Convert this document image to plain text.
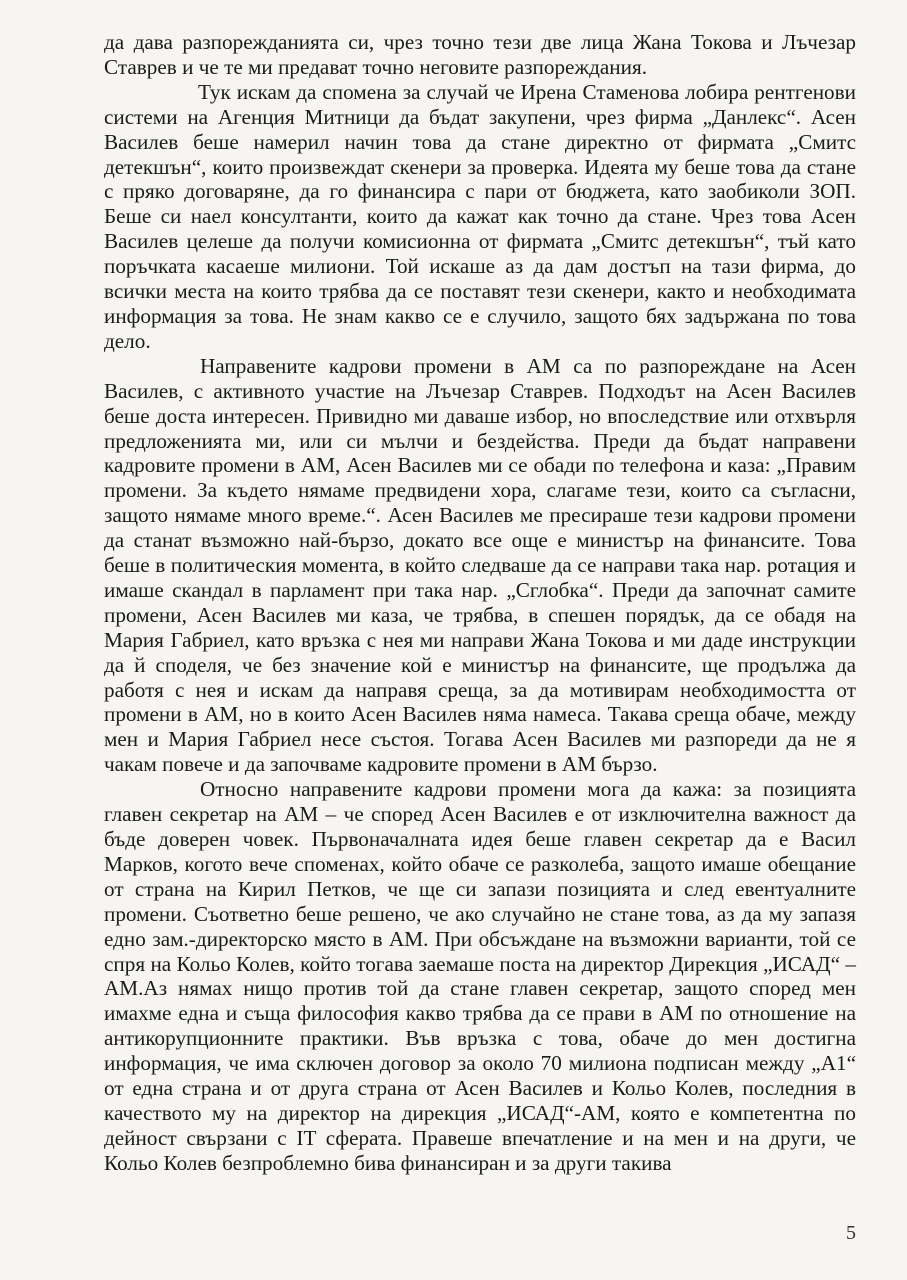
да дава разпорежданията си, чрез точно тези две лица Жана Токова и Лъчезар Ставрев и че те ми предават точно неговите разпореждания.

Тук искам да спомена за случай че Ирена Стаменова лобира рентгенови системи на Агенция Митници да бъдат закупени, чрез фирма „Данлекс“. Асен Василев беше намерил начин това да стане директно от фирмата „Смитс детекшън“, които произвеждат скенери за проверка. Идеята му беше това да стане с пряко договаряне, да го финансира с пари от бюджета, като заобиколи ЗОП. Беше си наел консултанти, които да кажат как точно да стане. Чрез това Асен Василев целеше да получи комисионна от фирмата „Смитс детекшън“, тъй като поръчката касаеше милиони. Той искаше аз да дам достъп на тази фирма, до всички места на които трябва да се поставят тези скенери, както и необходимата информация за това. Не знам какво се е случило, защото бях задържана по това дело.

Направените кадрови промени в АМ са по разпореждане на Асен Василев, с активното участие на Лъчезар Ставрев. Подходът на Асен Василев беше доста интересен. Привидно ми даваше избор, но впоследствие или отхвърля предложенията ми, или си мълчи и бездейства. Преди да бъдат направени кадровите промени в АМ, Асен Василев ми се обади по телефона и каза: „Правим промени. За където нямаме предвидени хора, слагаме тези, които са съгласни, защото нямаме много време.“. Асен Василев ме пресираше тези кадрови промени да станат възможно най-бързо, докато все още е министър на финансите. Това беше в политическия момента, в който следваше да се направи така нар. ротация и имаше скандал в парламент при така нар. „Сглобка“. Преди да започнат самите промени, Асен Василев ми каза, че трябва, в спешен порядък, да се обадя на Мария Габриел, като връзка с нея ми направи Жана Токова и ми даде инструкции да й споделя, че без значение кой е министър на финансите, ще продължа да работя с нея и искам да направя среща, за да мотивирам необходимостта от промени в АМ, но в които Асен Василев няма намеса. Такава среща обаче, между мен и Мария Габриел несе състоя. Тогава Асен Василев ми разпореди да не я чакам повече и да започваме кадровите промени в АМ бързо.

Относно направените кадрови промени мога да кажа: за позицията главен секретар на АМ – че според Асен Василев е от изключителна важност да бъде доверен човек. Първоначалната идея беше главен секретар да е Васил Марков, когото вече споменах, който обаче се разколеба, защото имаше обещание от страна на Кирил Петков, че ще си запази позицията и след евентуалните промени. Съответно беше решено, че ако случайно не стане това, аз да му запазя едно зам.-директорско място в АМ. При обсъждане на възможни варианти, той се спря на Кольо Колев, който тогава заемаше поста на директор Дирекция „ИСАД“ – АМ.Аз нямах нищо против той да стане главен секретар, защото според мен имахме една и съща философия какво трябва да се прави в АМ по отношение на антикорупционните практики. Във връзка с това, обаче до мен достигна информация, че има сключен договор за около 70 милиона подписан между „А1“ от една страна и от друга страна от Асен Василев и Кольо Колев, последния в качеството му на директор на дирекция „ИСАД“-АМ, която е компетентна по дейност свързани с IT сферата. Правеше впечатление и на мен и на други, че Кольо Колев безпроблемно бива финансиран и за други такива

5
